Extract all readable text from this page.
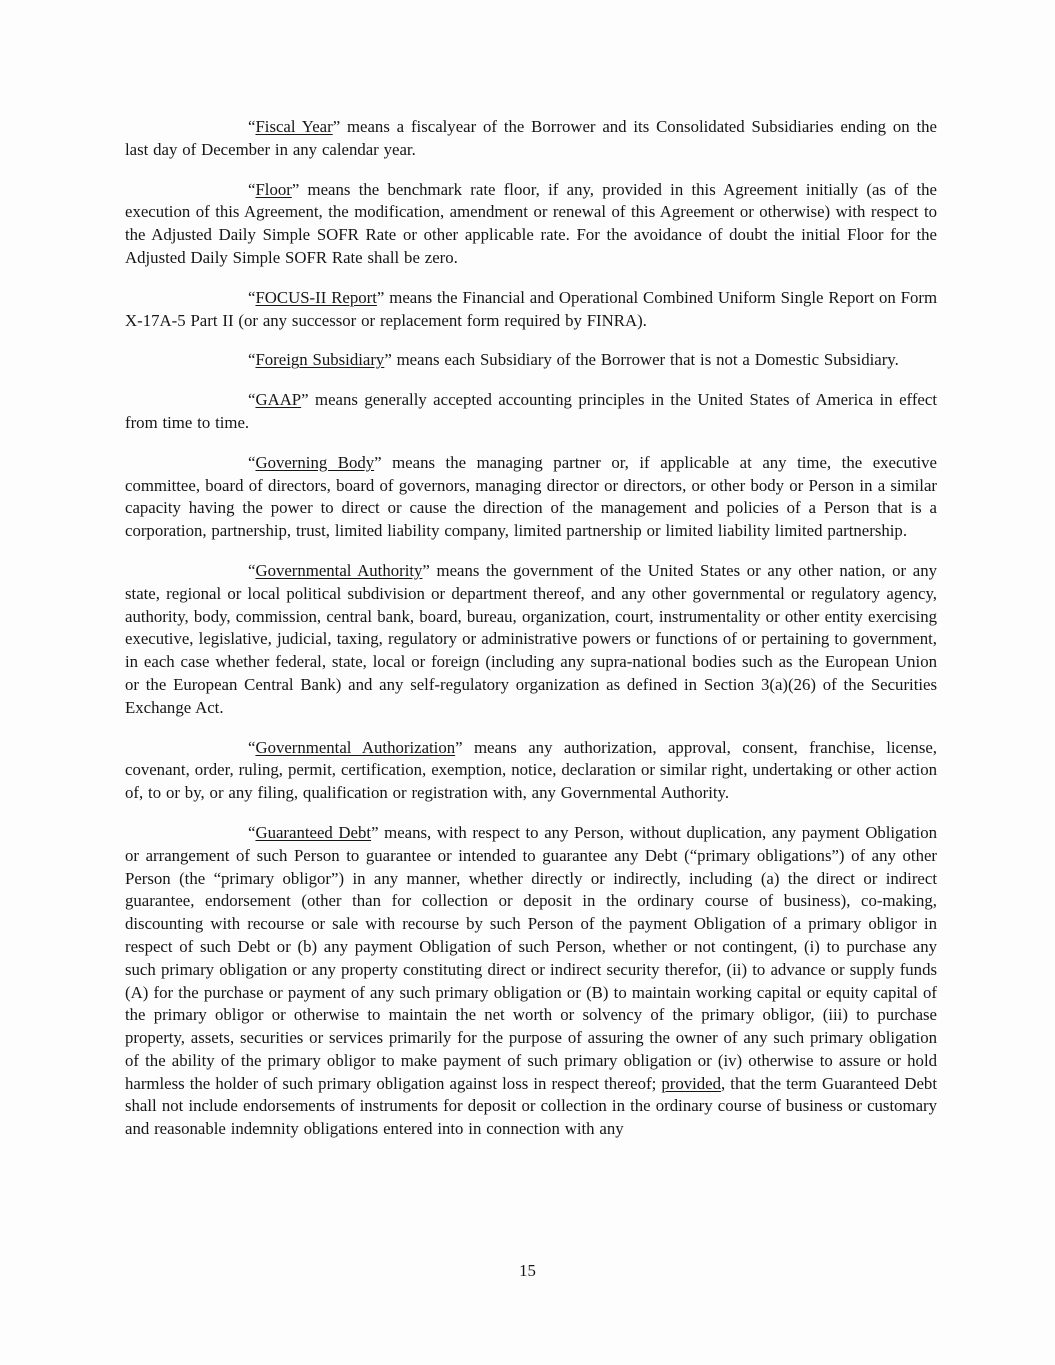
“Fiscal Year” means a fiscalyear of the Borrower and its Consolidated Subsidiaries ending on the last day of December in any calendar year.

“Floor” means the benchmark rate floor, if any, provided in this Agreement initially (as of the execution of this Agreement, the modification, amendment or renewal of this Agreement or otherwise) with respect to the Adjusted Daily Simple SOFR Rate or other applicable rate. For the avoidance of doubt the initial Floor for the Adjusted Daily Simple SOFR Rate shall be zero.

“FOCUS-II Report” means the Financial and Operational Combined Uniform Single Report on Form X-17A-5 Part II (or any successor or replacement form required by FINRA).

“Foreign Subsidiary” means each Subsidiary of the Borrower that is not a Domestic Subsidiary.

“GAAP” means generally accepted accounting principles in the United States of America in effect from time to time.

“Governing Body” means the managing partner or, if applicable at any time, the executive committee, board of directors, board of governors, managing director or directors, or other body or Person in a similar capacity having the power to direct or cause the direction of the management and policies of a Person that is a corporation, partnership, trust, limited liability company, limited partnership or limited liability limited partnership.

“Governmental Authority” means the government of the United States or any other nation, or any state, regional or local political subdivision or department thereof, and any other governmental or regulatory agency, authority, body, commission, central bank, board, bureau, organization, court, instrumentality or other entity exercising executive, legislative, judicial, taxing, regulatory or administrative powers or functions of or pertaining to government, in each case whether federal, state, local or foreign (including any supra-national bodies such as the European Union or the European Central Bank) and any self-regulatory organization as defined in Section 3(a)(26) of the Securities Exchange Act.

“Governmental Authorization” means any authorization, approval, consent, franchise, license, covenant, order, ruling, permit, certification, exemption, notice, declaration or similar right, undertaking or other action of, to or by, or any filing, qualification or registration with, any Governmental Authority.

“Guaranteed Debt” means, with respect to any Person, without duplication, any payment Obligation or arrangement of such Person to guarantee or intended to guarantee any Debt (“primary obligations”) of any other Person (the “primary obligor”) in any manner, whether directly or indirectly, including (a) the direct or indirect guarantee, endorsement (other than for collection or deposit in the ordinary course of business), co-making, discounting with recourse or sale with recourse by such Person of the payment Obligation of a primary obligor in respect of such Debt or (b) any payment Obligation of such Person, whether or not contingent, (i) to purchase any such primary obligation or any property constituting direct or indirect security therefor, (ii) to advance or supply funds (A) for the purchase or payment of any such primary obligation or (B) to maintain working capital or equity capital of the primary obligor or otherwise to maintain the net worth or solvency of the primary obligor, (iii) to purchase property, assets, securities or services primarily for the purpose of assuring the owner of any such primary obligation of the ability of the primary obligor to make payment of such primary obligation or (iv) otherwise to assure or hold harmless the holder of such primary obligation against loss in respect thereof; provided, that the term Guaranteed Debt shall not include endorsements of instruments for deposit or collection in the ordinary course of business or customary and reasonable indemnity obligations entered into in connection with any

15
